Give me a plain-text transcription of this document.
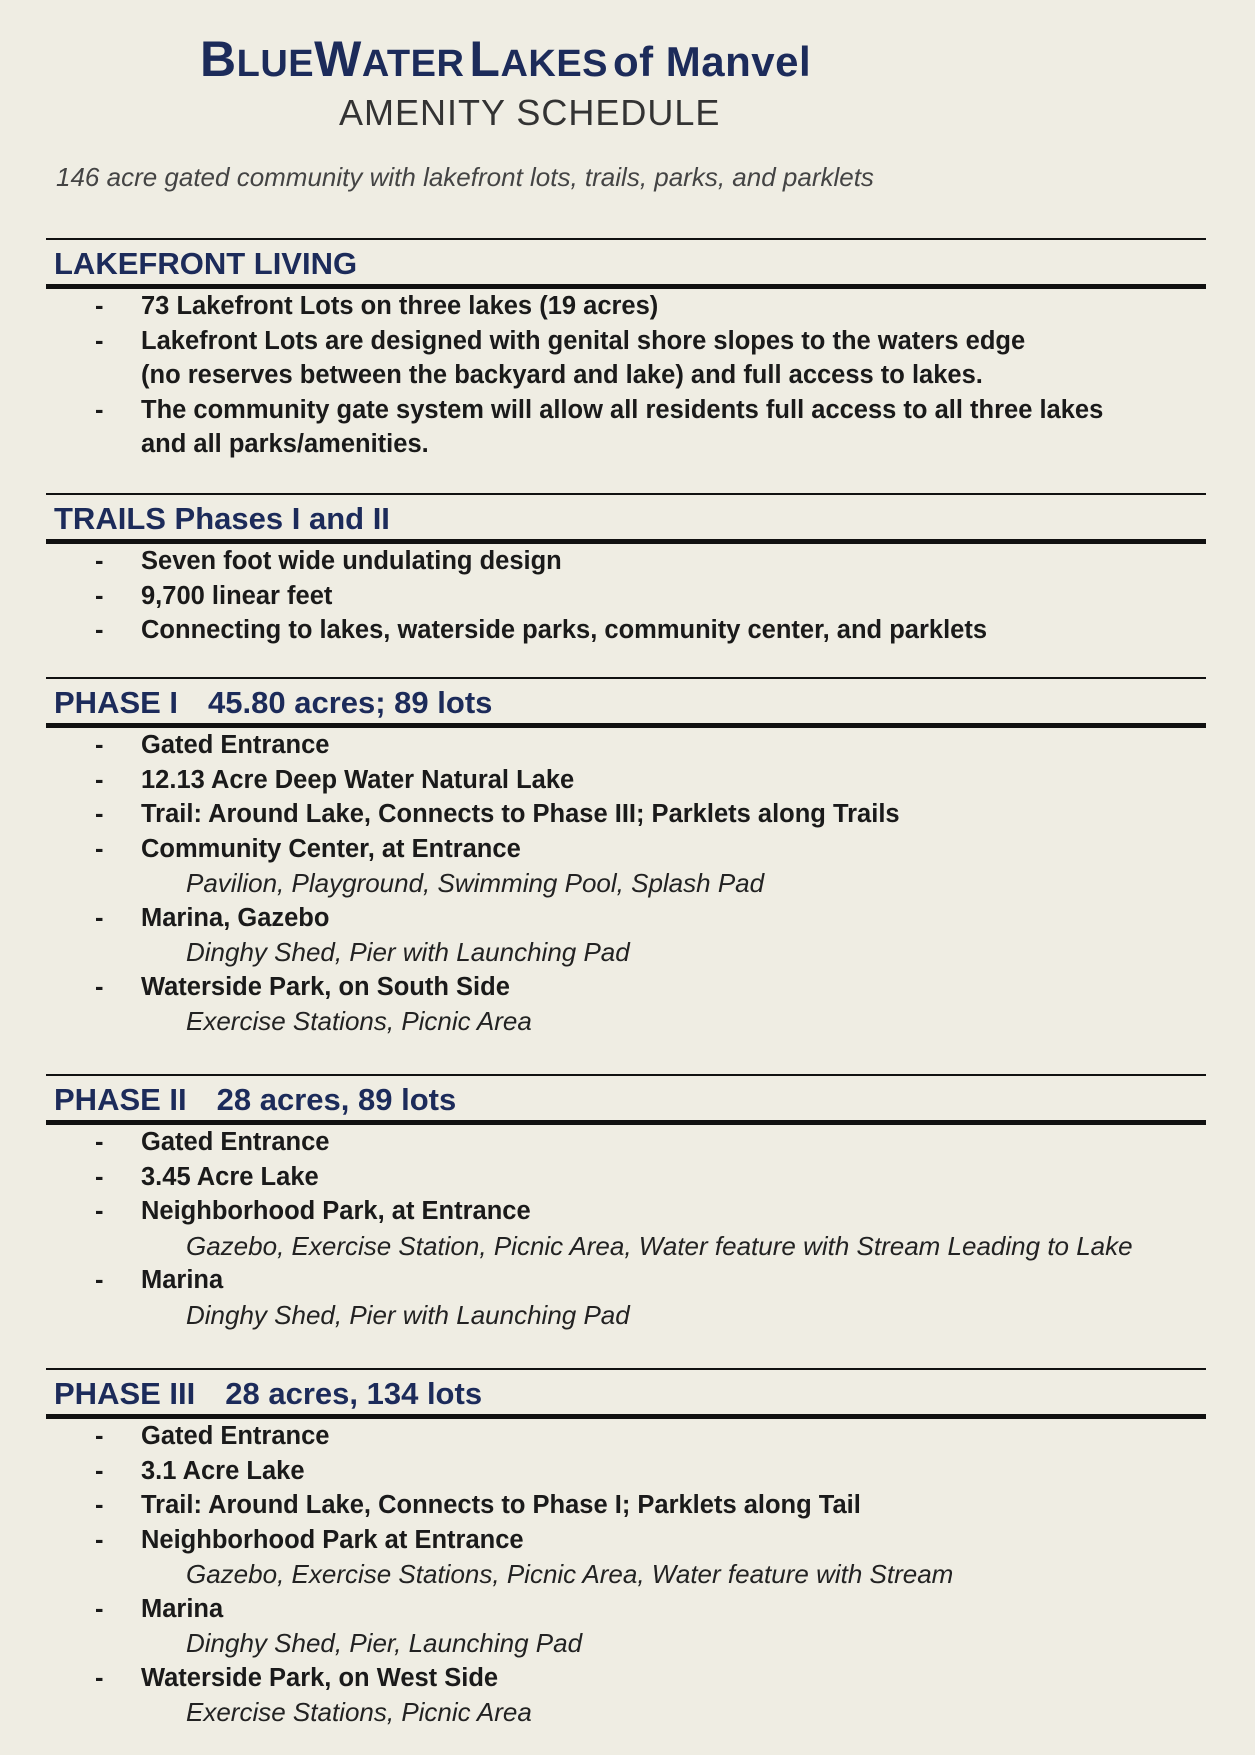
BLUEWATER LAKES of Manvel
AMENITY SCHEDULE
146 acre gated community with lakefront lots, trails, parks, and parklets
LAKEFRONT LIVING
- 73 Lakefront Lots on three lakes (19 acres)
- Lakefront Lots are designed with genital shore slopes to the waters edge
(no reserves between the backyard and lake) and full access to lakes.
- The community gate system will allow all residents full access to all three lakes
and all parks/amenities.
TRAILS Phases I and II
- Seven foot wide undulating design
- 9,700 linear feet
- Connecting to lakes, waterside parks, community center, and parklets
PHASE I 45.80 acres; 89 lots
- Gated Entrance
- 12.13 Acre Deep Water Natural Lake
- Trail: Around Lake, Connects to Phase III; Parklets along Trails
- Community Center, at Entrance
Pavilion, Playground, Swimming Pool, Splash Pad
- Marina, Gazebo
Dinghy Shed, Pier with Launching Pad
- Waterside Park, on South Side
Exercise Stations, Picnic Area
PHASE II 28 acres, 89 lots
- Gated Entrance
- 3.45 Acre Lake
- Neighborhood Park, at Entrance
Gazebo, Exercise Station, Picnic Area, Water feature with Stream Leading to Lake
- Marina
Dinghy Shed, Pier with Launching Pad
PHASE III 28 acres, 134 lots
- Gated Entrance
- 3.1 Acre Lake
- Trail: Around Lake, Connects to Phase I; Parklets along Tail
- Neighborhood Park at Entrance
Gazebo, Exercise Stations, Picnic Area, Water feature with Stream
- Marina
Dinghy Shed, Pier, Launching Pad
- Waterside Park, on West Side
Exercise Stations, Picnic Area
